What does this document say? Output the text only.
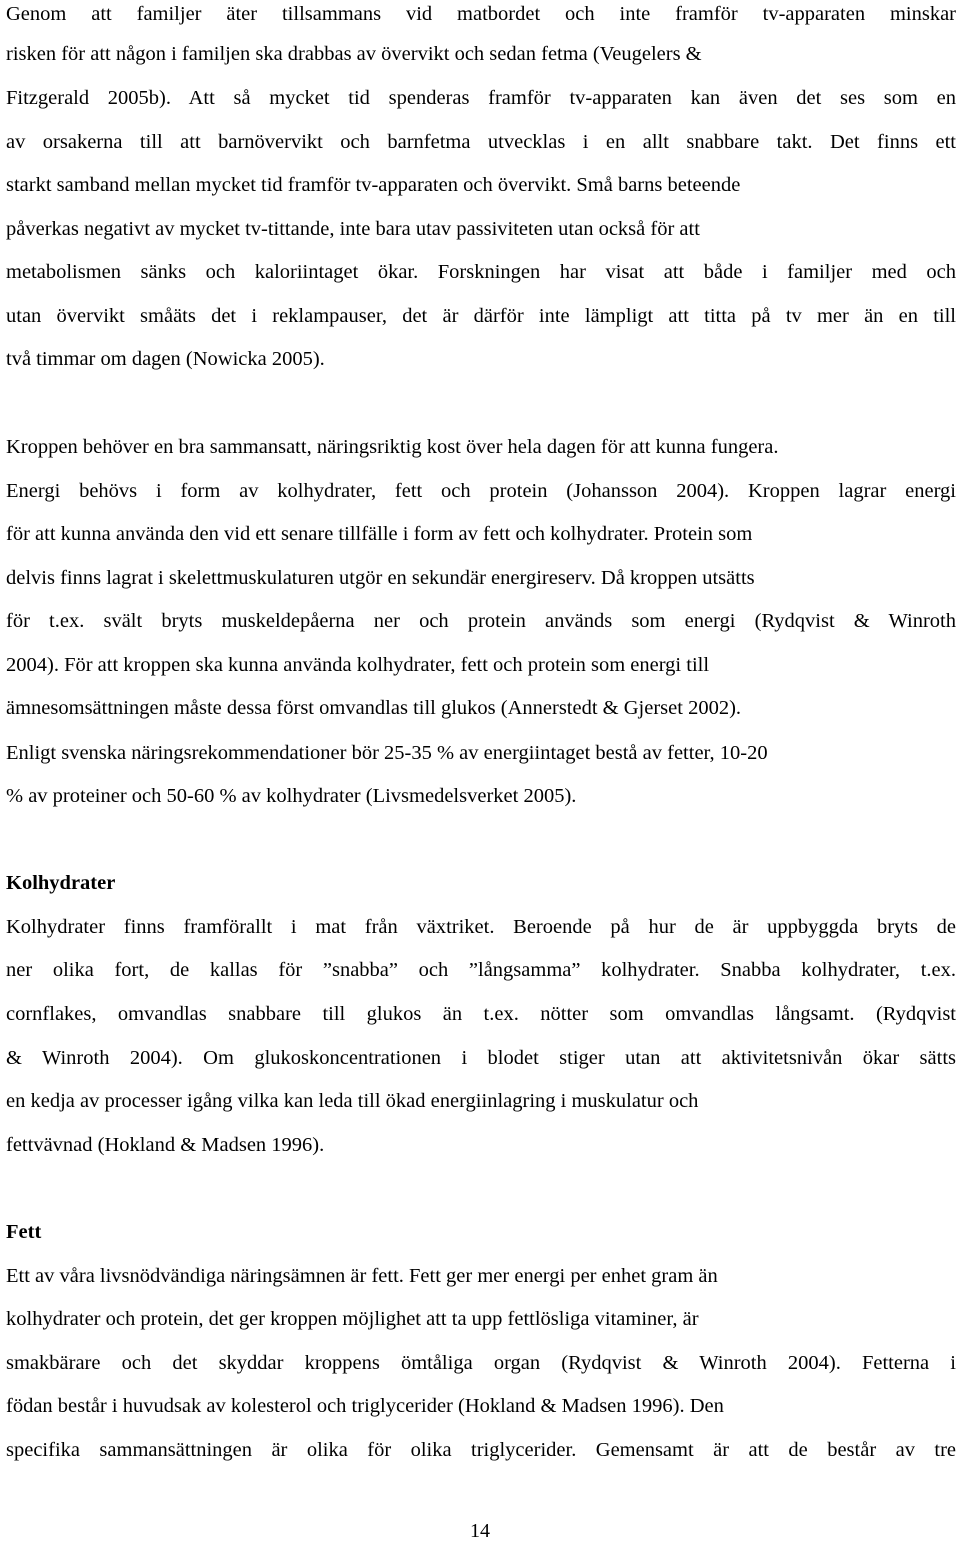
Genom att familjer äter tillsammans vid matbordet och inte framför tv-apparaten minskar
risken för att någon i familjen ska drabbas av övervikt och sedan fetma (Veugelers &
Fitzgerald 2005b). Att så mycket tid spenderas framför tv-apparaten kan även det ses som en
av orsakerna till att barnövervikt och barnfetma utvecklas i en allt snabbare takt. Det finns ett
starkt samband mellan mycket tid framför tv-apparaten och övervikt. Små barns beteende
påverkas negativt av mycket tv-tittande, inte bara utav passiviteten utan också för att
metabolismen sänks och kaloriintaget ökar. Forskningen har visat att både i familjer med och
utan övervikt småäts det i reklampauser, det är därför inte lämpligt att titta på tv mer än en till
två timmar om dagen (Nowicka 2005).
Kroppen behöver en bra sammansatt, näringsriktig kost över hela dagen för att kunna fungera.
Energi behövs i form av kolhydrater, fett och protein (Johansson 2004). Kroppen lagrar energi
för att kunna använda den vid ett senare tillfälle i form av fett och kolhydrater. Protein som
delvis finns lagrat i skelettmuskulaturen utgör en sekundär energireserv. Då kroppen utsätts
för t.ex. svält bryts muskeldepåerna ner och protein används som energi (Rydqvist & Winroth
2004). För att kroppen ska kunna använda kolhydrater, fett och protein som energi till
ämnesomsättningen måste dessa först omvandlas till glukos (Annerstedt & Gjerset 2002).
Enligt svenska näringsrekommendationer bör 25-35 % av energiintaget bestå av fetter, 10-20
% av proteiner och 50-60 % av kolhydrater (Livsmedelsverket 2005).
Kolhydrater
Kolhydrater finns framförallt i mat från växtriket. Beroende på hur de är uppbyggda bryts de
ner olika fort, de kallas för ”snabba” och ”långsamma” kolhydrater. Snabba kolhydrater, t.ex.
cornflakes, omvandlas snabbare till glukos än t.ex. nötter som omvandlas långsamt. (Rydqvist
& Winroth 2004). Om glukoskoncentrationen i blodet stiger utan att aktivitetsnivån ökar sätts
en kedja av processer igång vilka kan leda till ökad energiinlagring i muskulatur och
fettvävnad (Hokland & Madsen 1996).
Fett
Ett av våra livsnödvändiga näringsämnen är fett. Fett ger mer energi per enhet gram än
kolhydrater och protein, det ger kroppen möjlighet att ta upp fettlösliga vitaminer, är
smakbärare och det skyddar kroppens ömtåliga organ (Rydqvist & Winroth 2004). Fetterna i
födan består i huvudsak av kolesterol och triglycerider (Hokland & Madsen 1996). Den
specifika sammansättningen är olika för olika triglycerider. Gemensamt är att de består av tre
14
